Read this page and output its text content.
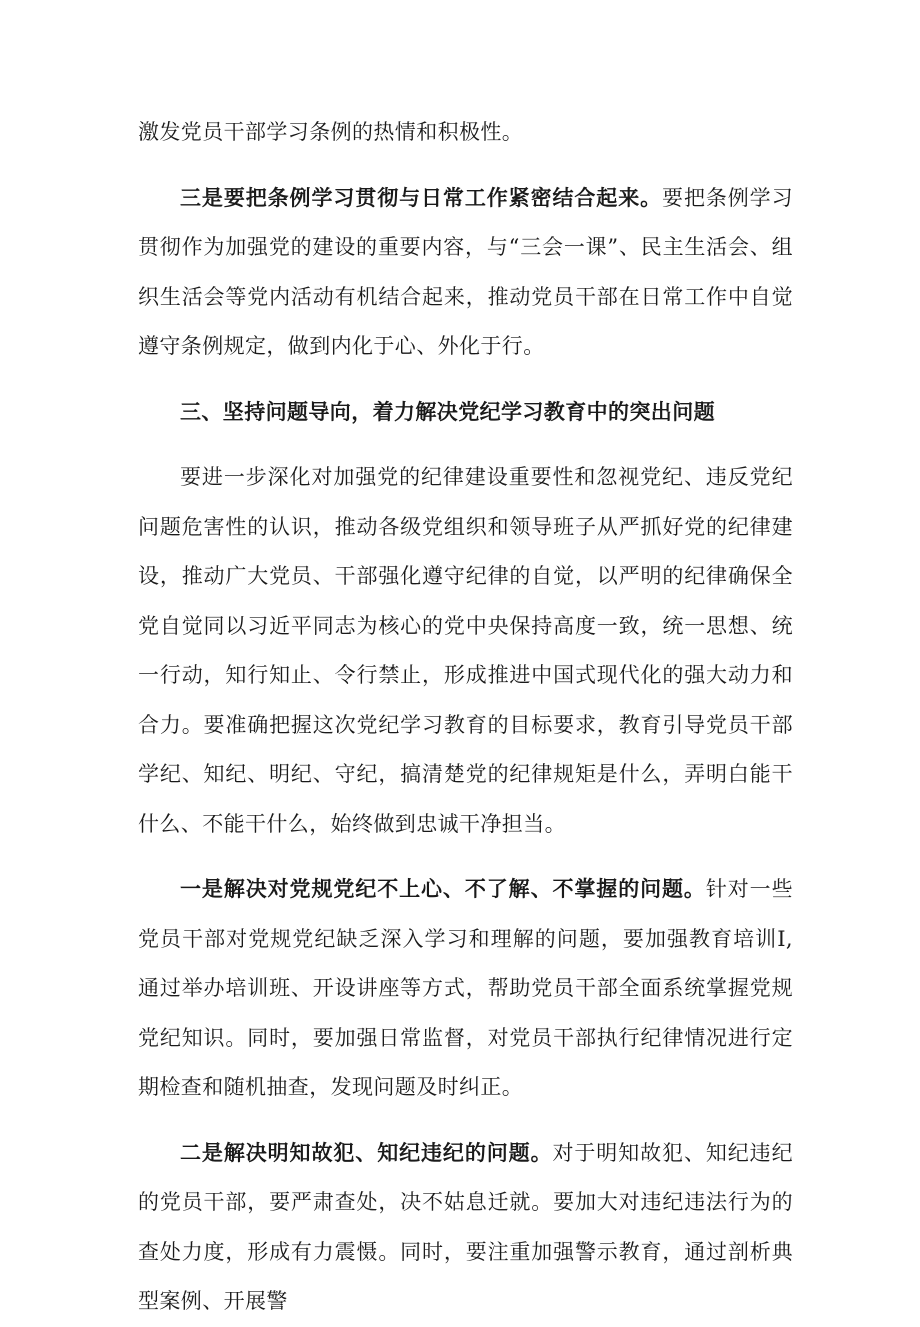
激发党员干部学习条例的热情和积极性。

三是要把条例学习贯彻与日常工作紧密结合起来。要把条例学习贯彻作为加强党的建设的重要内容，与“三会一课”、民主生活会、组织生活会等党内活动有机结合起来，推动党员干部在日常工作中自觉遵守条例规定，做到内化于心、外化于行。

三、坚持问题导向，着力解决党纪学习教育中的突出问题

要进一步深化对加强党的纪律建设重要性和忽视党纪、违反党纪问题危害性的认识，推动各级党组织和领导班子从严抓好党的纪律建设，推动广大党员、干部强化遵守纪律的自觉，以严明的纪律确保全党自觉同以习近平同志为核心的党中央保持高度一致，统一思想、统一行动，知行知止、令行禁止，形成推进中国式现代化的强大动力和合力。要准确把握这次党纪学习教育的目标要求，教育引导党员干部学纪、知纪、明纪、守纪，搞清楚党的纪律规矩是什么，弄明白能干什么、不能干什么，始终做到忠诚干净担当。

一是解决对党规党纪不上心、不了解、不掌握的问题。针对一些党员干部对党规党纪缺乏深入学习和理解的问题，要加强教育培训I,通过举办培训班、开设讲座等方式，帮助党员干部全面系统掌握党规党纪知识。同时，要加强日常监督，对党员干部执行纪律情况进行定期检查和随机抽查，发现问题及时纠正。

二是解决明知故犯、知纪违纪的问题。对于明知故犯、知纪违纪的党员干部，要严肃查处，决不姑息迁就。要加大对违纪违法行为的查处力度，形成有力震慑。同时，要注重加强警示教育，通过剖析典型案例、开展警
